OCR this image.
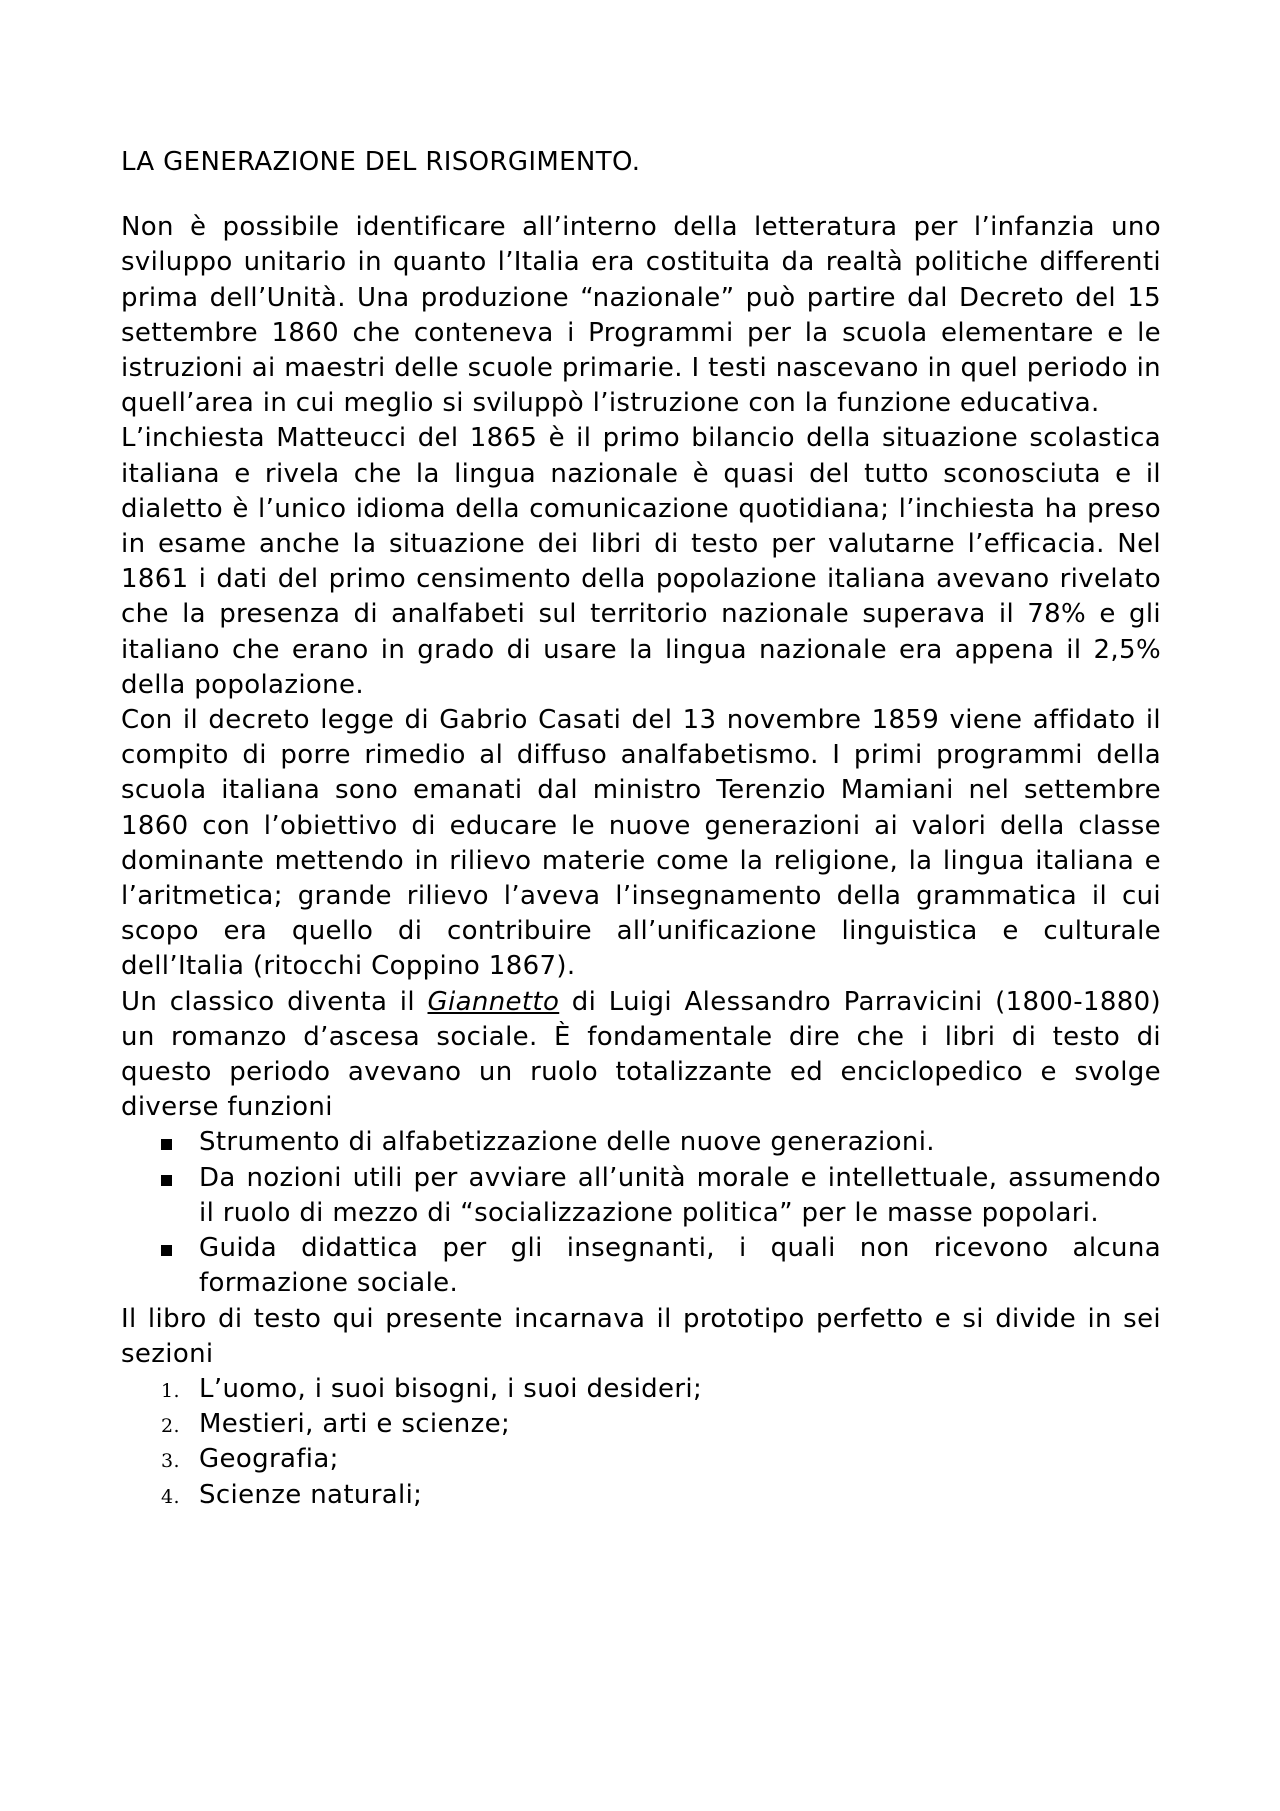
LA GENERAZIONE DEL RISORGIMENTO.

Non è possibile identificare all’interno della letteratura per l’infanzia uno sviluppo unitario in quanto l’Italia era costituita da realtà politiche differenti prima dell’Unità. Una produzione “nazionale” può partire dal Decreto del 15 settembre 1860 che conteneva i Programmi per la scuola elementare e le istruzioni ai maestri delle scuole primarie. I testi nascevano in quel periodo in quell’area in cui meglio si sviluppò l’istruzione con la funzione educativa.

L’inchiesta Matteucci del 1865 è il primo bilancio della situazione scolastica italiana e rivela che la lingua nazionale è quasi del tutto sconosciuta e il dialetto è l’unico idioma della comunicazione quotidiana; l’inchiesta ha preso in esame anche la situazione dei libri di testo per valutarne l’efficacia. Nel 1861 i dati del primo censimento della popolazione italiana avevano rivelato che la presenza di analfabeti sul territorio nazionale superava il 78% e gli italiano che erano in grado di usare la lingua nazionale era appena il 2,5% della popolazione.

Con il decreto legge di Gabrio Casati del 13 novembre 1859 viene affidato il compito di porre rimedio al diffuso analfabetismo. I primi programmi della scuola italiana sono emanati dal ministro Terenzio Mamiani nel settembre 1860 con l’obiettivo di educare le nuove generazioni ai valori della classe dominante mettendo in rilievo materie come la religione, la lingua italiana e l’aritmetica; grande rilievo l’aveva l’insegnamento della grammatica il cui scopo era quello di contribuire all’unificazione linguistica e culturale dell’Italia (ritocchi Coppino 1867).

Un classico diventa il Giannetto di Luigi Alessandro Parravicini (1800-1880) un romanzo d’ascesa sociale. È fondamentale dire che i libri di testo di questo periodo avevano un ruolo totalizzante ed enciclopedico e svolge diverse funzioni

Strumento di alfabetizzazione delle nuove generazioni.
Da nozioni utili per avviare all’unità morale e intellettuale, assumendo il ruolo di mezzo di “socializzazione politica” per le masse popolari.
Guida didattica per gli insegnanti, i quali non ricevono alcuna formazione sociale.

Il libro di testo qui presente incarnava il prototipo perfetto e si divide in sei sezioni

1. L’uomo, i suoi bisogni, i suoi desideri;
2. Mestieri, arti e scienze;
3. Geografia;
4. Scienze naturali;
